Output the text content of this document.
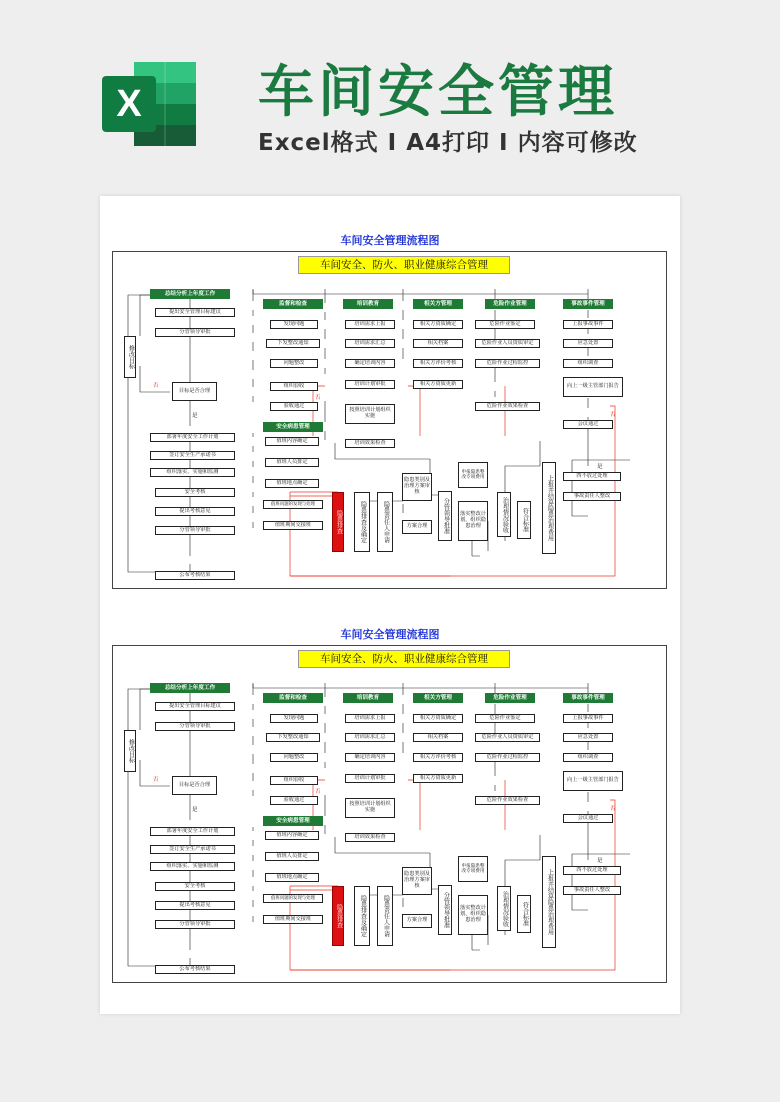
X 车间安全管理
Excel格式 I A4打印 I 内容可修改
车间安全管理流程图
车间安全、防火、职业健康综合管理
总结分析上年度工作
提出安全管理目标建议
分管领导审批
目标是否合理
部署年度安全工作计划
签订安全生产承诺书
组织落实、实施和监测
安全考核
提出考核意见
分管领导审批
公布考核结果
修改目标
否
是
监督和检查
发现问题
下发整改通知
问题整改
组织验收
验收通过
否
安全病患管理
值班内容确定
值班人员排定
值班地点确定
值班问题的发现与处理
值班期间交接班
培训教育
培训需求上报
培训需求汇总
确定培训内容
培训计划审批
按照培训计划组织实施
培训效果检查
相关方管理
相关方资质确定
相关档案
相关方评价考核
相关方资质更新
危险作业管理
危险作业鉴定
危险作业人员资质审定
危险作业过程监控
危险作业效果检查
事故事件管理
上报事故事件
应急处置
组织调查
向上一级主管部门报告
会议通过
四不放过处理
事故责任人整改
否
是
隐患排查	隐患排查及确定	隐患责任人申请
隐患类别及治理方案审核
方案合理	分管领导批准
申报隐患整改专项费用
落实整改计划，组织隐患治理	治理情况验收	符合标准	上报并结算隐患治理费用
车间安全管理流程图
车间安全、防火、职业健康综合管理
总结分析上年度工作
提出安全管理目标建议
分管领导审批
目标是否合理
部署年度安全工作计划
签订安全生产承诺书
组织落实、实施和监测
安全考核
提出考核意见
分管领导审批
公布考核结果
修改目标
否
是
监督和检查
发现问题
下发整改通知
问题整改
组织验收
验收通过
否
安全病患管理
值班内容确定
值班人员排定
值班地点确定
值班问题的发现与处理
值班期间交接班
培训教育
培训需求上报
培训需求汇总
确定培训内容
培训计划审批
按照培训计划组织实施
培训效果检查
相关方管理
相关方资质确定
相关档案
相关方评价考核
相关方资质更新
危险作业管理
危险作业鉴定
危险作业人员资质审定
危险作业过程监控
危险作业效果检查
事故事件管理
上报事故事件
应急处置
组织调查
向上一级主管部门报告
会议通过
四不放过处理
事故责任人整改
否
是
隐患排查	隐患排查及确定	隐患责任人申请
隐患类别及治理方案审核
方案合理	分管领导批准
申报隐患整改专项费用
落实整改计划，组织隐患治理	治理情况验收	符合标准	上报并结算隐患治理费用
